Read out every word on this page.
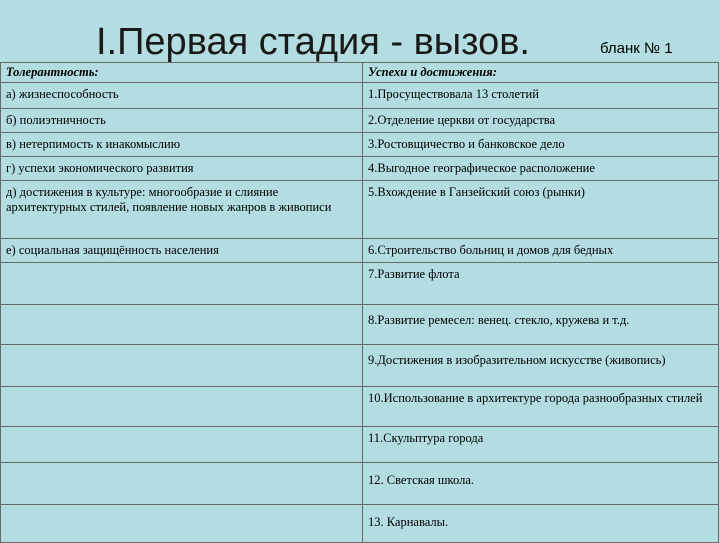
I.Первая стадия - вызов.	бланк № 1
Толерантность:	Успехи и достижения:
а) жизнеспособность	1.Просуществовала 13 столетий
б) полиэтничность	2.Отделение церкви от государства
в) нетерпимость к инакомыслию	3.Ростовщичество и банковское дело
г) успехи экономического развития	4.Выгодное географическое расположение
д) достижения в культуре: многообразие и слияние архитектурных стилей, появление новых жанров в живописи	5.Вхождение в Ганзейский союз (рынки)
е) социальная защищённость населения	6.Строительство больниц и домов для бедных
	7.Развитие флота
	8.Развитие ремесел: венец. стекло, кружева и т.д.
	9.Достижения в изобразительном искусстве (живопись)
	10.Использование в архитектуре города разнообразных стилей
	11.Скульптура города
	12. Светская школа.
	13. Карнавалы.
